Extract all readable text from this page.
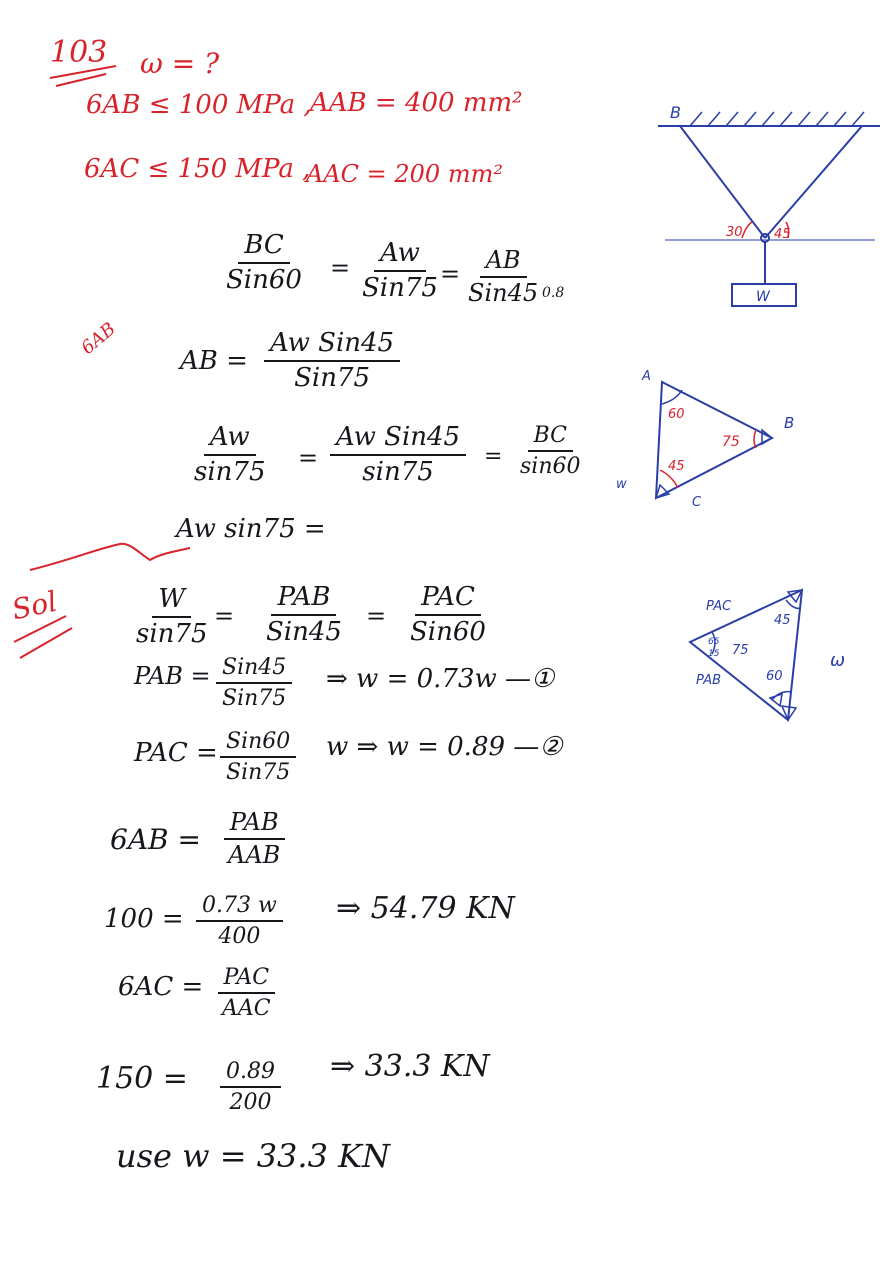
103 ω = ?
6AB ≤ 100 MPa ,
AAB = 400 mm²
6AC ≤ 150 MPa ,
AAC = 200 mm²
BC
Sin60 = Aw
Sin75 = AB
Sin45 0.8
6AB
AB =
Aw Sin45
Sin75
$\frac{Aw}{\sin 75}$ =
Aw Sin45
sin75
= $\frac{BC}{\sin 60}$
Aw sin75 =
Sol	$\frac{W}{\sin 75}$ =
PAB
Sin45
=
PAC
Sin60
PAB = Sin45
Sin75
⇒ w = 0.73w —①
PAC = Sin60
Sin75
w ⇒ w = 0.89 —②
6AB =
PAB
AAB
$100 = \frac{0.73 w}{400}$ ⇒ 54.79 KN
6AC = PAC
AAC
$150 = \frac{0.89}{200}$ ⇒ 33.3 KN
use w = 33.3 KN
B
30 45
W
A
B
C
w
60
75
45
PAC
PAB
ω
45
75
60
65
15
